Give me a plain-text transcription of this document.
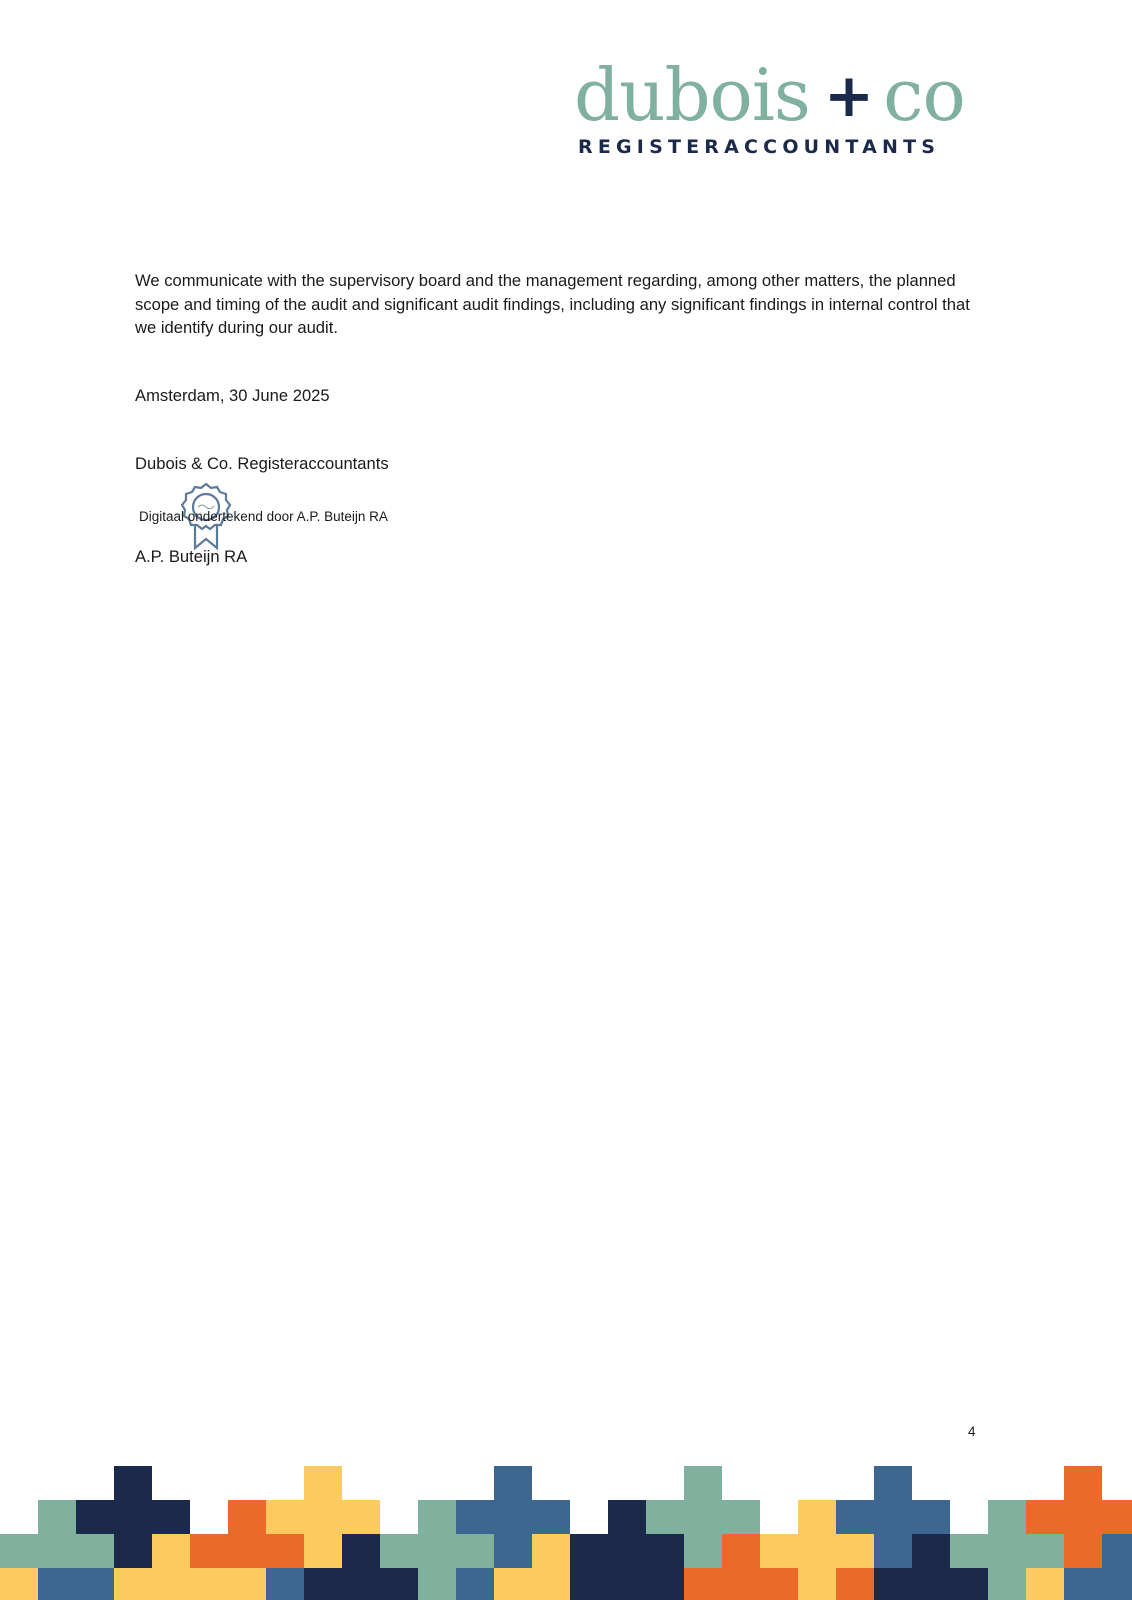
dubois + co
REGISTERACCOUNTANTS

We communicate with the supervisory board and the management regarding, among other matters, the planned scope and timing of the audit and significant audit findings, including any significant findings in internal control that we identify during our audit.

Amsterdam, 30 June 2025

Dubois & Co. Registeraccountants

Digitaal ondertekend door A.P. Buteijn RA

A.P. Buteijn RA

4
